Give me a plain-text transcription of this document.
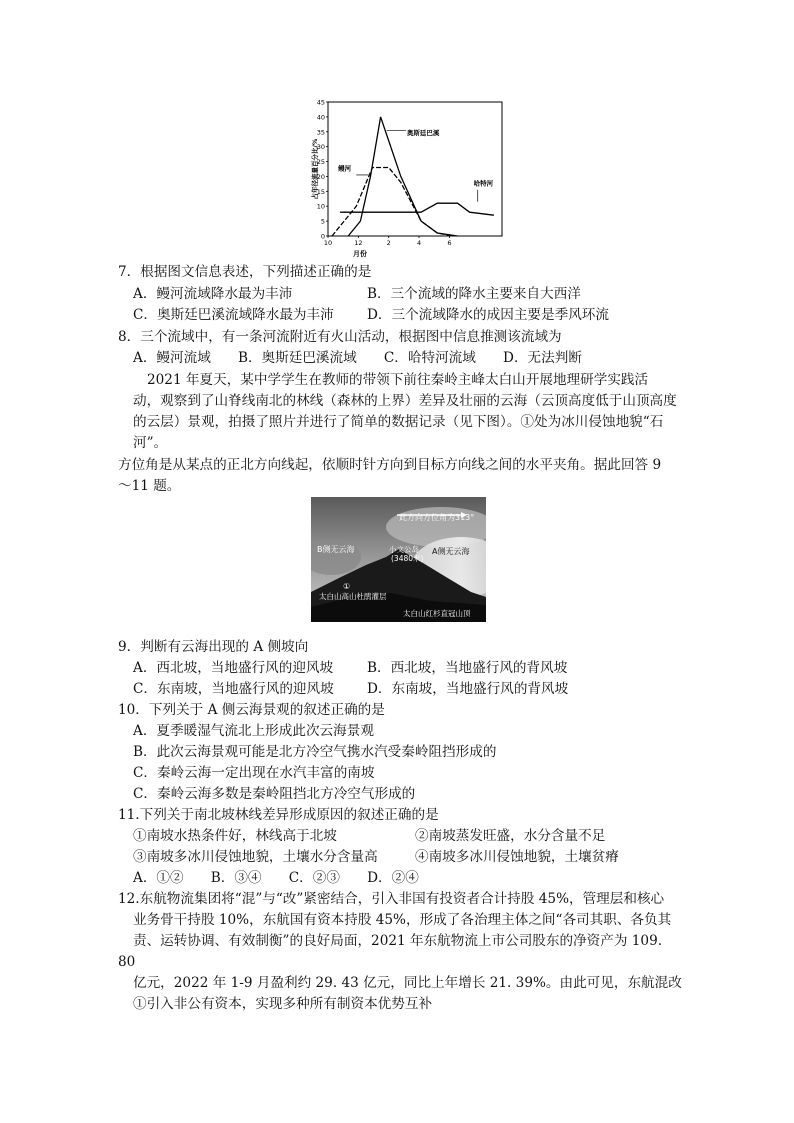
0
5
10
15
20
25
30
35
40
45
10	12	2	4	6
月份
占年径流量百分比/%
奥斯廷巴溪
鳗河
哈特河
7．根据图文信息表述，下列描述正确的是
A．鳗河流域降水最为丰沛	B．三个流域的降水主要来自大西洋
C．奥斯廷巴溪流域降水最为丰沛 D．三个流域降水的成因主要是季风环流
8．三个流域中，有一条河流附近有火山活动，根据图中信息推测该流域为
A．鳗河流域　　B．奥斯廷巴溪流域　　C．哈特河流域　　D．无法判断
2021 年夏天，某中学学生在教师的带领下前往秦岭主峰太白山开展地理研学实践活
动，观察到了山脊线南北的林线（森林的上界）差异及壮丽的云海（云顶高度低于山顶高度
的云层）景观，拍摄了照片并进行了简单的数据记录（见下图）。①处为冰川侵蚀地貌“石
河”。
方位角是从某点的正北方向线起，依顺时针方向到目标方向线之间的水平夹角。据此回答 9
～11 题。
此方向方位角为313°
B侧无云海	小文公岛
(3480米)
A侧无云海
①
太白山高山杜鹃灌层
太白山红杉直冠山顶
9．判断有云海出现的 A 侧坡向
A．西北坡，当地盛行风的迎风坡 B．西北坡，当地盛行风的背风坡
C．东南坡，当地盛行风的迎风坡 D．东南坡，当地盛行风的背风坡
10．下列关于 A 侧云海景观的叙述正确的是
A．夏季暖湿气流北上形成此次云海景观
B．此次云海景观可能是北方冷空气携水汽受秦岭阻挡形成的
C．秦岭云海一定出现在水汽丰富的南坡
C．秦岭云海多数是秦岭阻挡北方冷空气形成的
11.下列关于南北坡林线差异形成原因的叙述正确的是
①南坡水热条件好，林线高于北坡	②南坡蒸发旺盛，水分含量不足
③南坡多冰川侵蚀地貌，土壤水分含量高	④南坡多冰川侵蚀地貌，土壤贫瘠
A．①②　　B．③④　　C．②③　　D．②④
12.东航物流集团将“混”与“改”紧密结合，引入非国有投资者合计持股 45%，管理层和核心
业务骨干持股 10%，东航国有资本持股 45%，形成了各治理主体之间“各司其职、各负其
责、运转协调、有效制衡”的良好局面，2021 年东航物流上市公司股东的净资产为 109.
80
亿元，2022 年 1-9 月盈利约 29. 43 亿元，同比上年增长 21. 39%。由此可见，东航混改
①引入非公有资本，实现多种所有制资本优势互补
